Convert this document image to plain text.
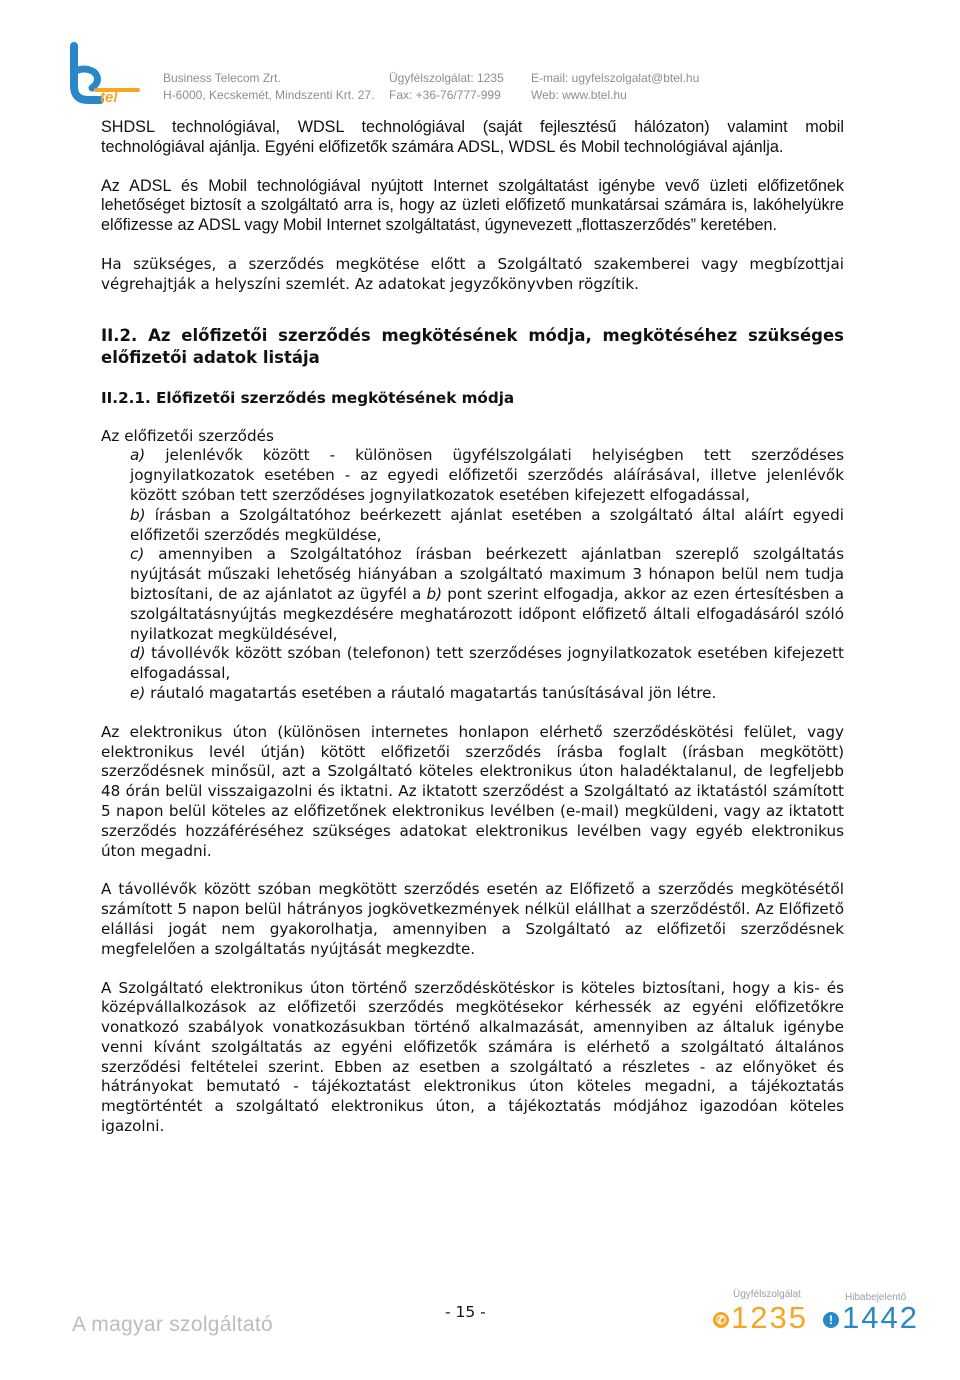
tel
Business Telecom Zrt.
H-6000, Kecskemét, Mindszenti Krt. 27.
Ügyfélszolgálat: 1235
Fax: +36-76/777-999
E-mail: ugyfelszolgalat@btel.hu
Web: www.btel.hu

SHDSL technológiával, WDSL technológiával (saját fejlesztésű hálózaton) valamint mobil technológiával ajánlja. Egyéni előfizetők számára ADSL, WDSL és Mobil technológiával ajánlja.

Az ADSL és Mobil technológiával nyújtott Internet szolgáltatást igénybe vevő üzleti előfizetőnek lehetőséget biztosít a szolgáltató arra is, hogy az üzleti előfizető munkatársai számára is, lakóhelyükre előfizesse az ADSL vagy Mobil Internet szolgáltatást, úgynevezett „flottaszerződés” keretében.

Ha szükséges, a szerződés megkötése előtt a Szolgáltató szakemberei vagy megbízottjai végrehajtják a helyszíni szemlét. Az adatokat jegyzőkönyvben rögzítik.

II.2. Az előfizetői szerződés megkötésének módja, megkötéséhez szükséges előfizetői adatok listája
II.2.1. Előfizetői szerződés megkötésének módja

Az előfizetői szerződés

a) jelenlévők között - különösen ügyfélszolgálati helyiségben tett szerződéses jognyilatkozatok esetében - az egyedi előfizetői szerződés aláírásával, illetve jelenlévők között szóban tett szerződéses jognyilatkozatok esetében kifejezett elfogadással,

b) írásban a Szolgáltatóhoz beérkezett ajánlat esetében a szolgáltató által aláírt egyedi előfizetői szerződés megküldése,

c) amennyiben a Szolgáltatóhoz írásban beérkezett ajánlatban szereplő szolgáltatás nyújtását műszaki lehetőség hiányában a szolgáltató maximum 3 hónapon belül nem tudja biztosítani, de az ajánlatot az ügyfél a b) pont szerint elfogadja, akkor az ezen értesítésben a szolgáltatásnyújtás megkezdésére meghatározott időpont előfizető általi elfogadásáról szóló nyilatkozat megküldésével,

d) távollévők között szóban (telefonon) tett szerződéses jognyilatkozatok esetében kifejezett elfogadással,

e) ráutaló magatartás esetében a ráutaló magatartás tanúsításával jön létre.

Az elektronikus úton (különösen internetes honlapon elérhető szerződéskötési felület, vagy elektronikus levél útján) kötött előfizetői szerződés írásba foglalt (írásban megkötött) szerződésnek minősül, azt a Szolgáltató köteles elektronikus úton haladéktalanul, de legfeljebb 48 órán belül visszaigazolni és iktatni. Az iktatott szerződést a Szolgáltató az iktatástól számított 5 napon belül köteles az előfizetőnek elektronikus levélben (e-mail) megküldeni, vagy az iktatott szerződés hozzáféréséhez szükséges adatokat elektronikus levélben vagy egyéb elektronikus úton megadni.

A távollévők között szóban megkötött szerződés esetén az Előfizető a szerződés megkötésétől számított 5 napon belül hátrányos jogkövetkezmények nélkül elállhat a szerződéstől. Az Előfizető elállási jogát nem gyakorolhatja, amennyiben a Szolgáltató az előfizetői szerződésnek megfelelően a szolgáltatás nyújtását megkezdte.

A Szolgáltató elektronikus úton történő szerződéskötéskor is köteles biztosítani, hogy a kis- és középvállalkozások az előfizetői szerződés megkötésekor kérhessék az egyéni előfizetőkre vonatkozó szabályok vonatkozásukban történő alkalmazását, amennyiben az általuk igénybe venni kívánt szolgáltatás az egyéni előfizetők számára is elérhető a szolgáltató általános szerződési feltételei szerint. Ebben az esetben a szolgáltató a részletes - az előnyöket és hátrányokat bemutató - tájékoztatást elektronikus úton köteles megadni, a tájékoztatás megtörténtét a szolgáltató elektronikus úton, a tájékoztatás módjához igazodóan köteles igazolni.

A magyar szolgáltató
- 15 -
Ügyfélszolgálat
✆ 1235
Hibabejelentő
! 1442
